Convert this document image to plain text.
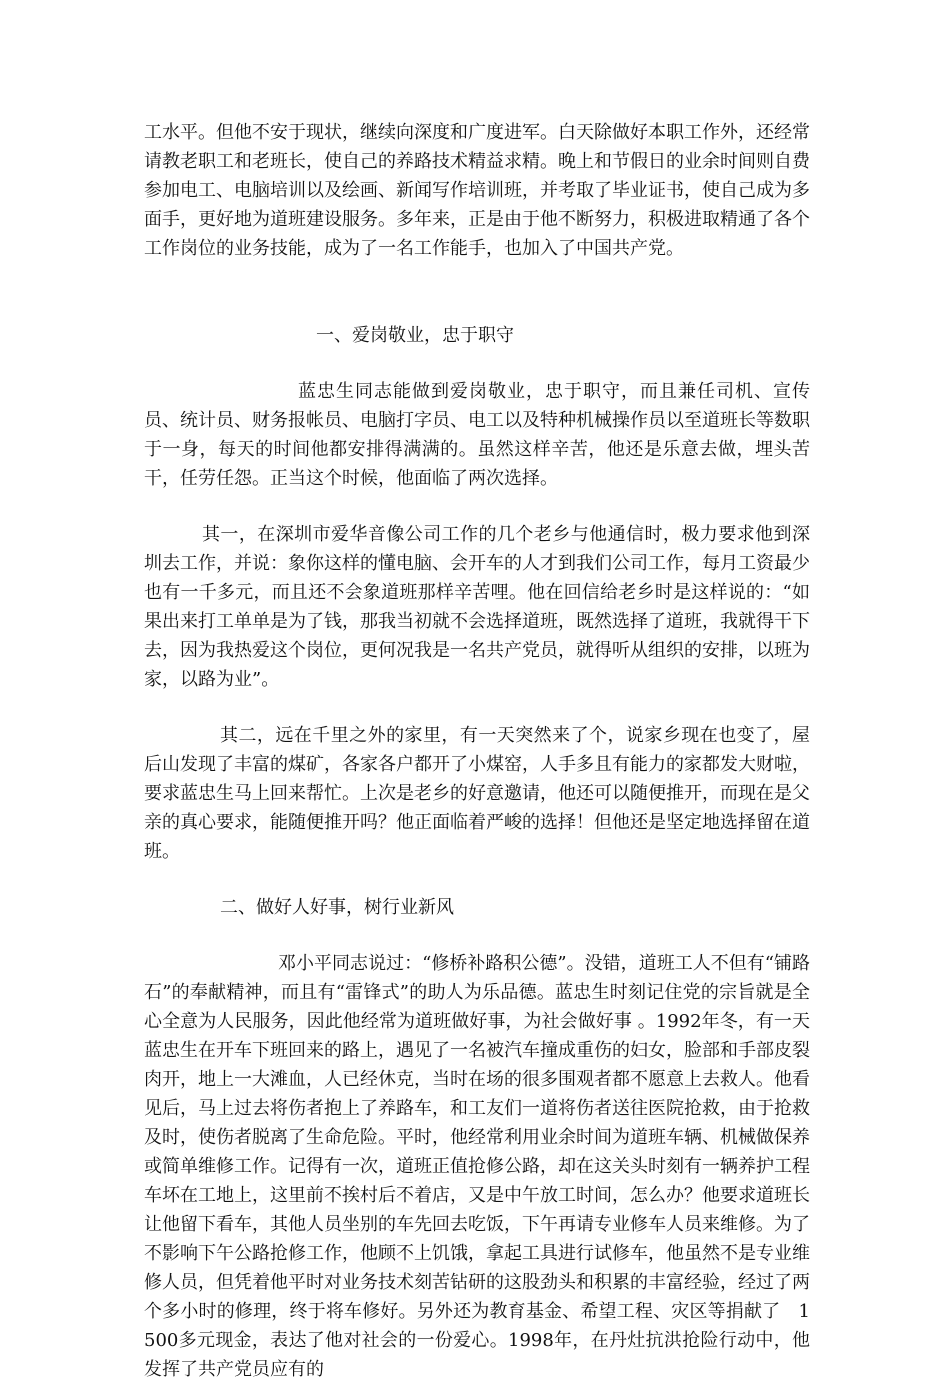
工水平。但他不安于现状，继续向深度和广度进军。白天除做好本职工作外，还经常请教老职工和老班长，使自己的养路技术精益求精。晚上和节假日的业余时间则自费参加电工、电脑培训以及绘画、新闻写作培训班，并考取了毕业证书，使自己成为多面手，更好地为道班建设服务。多年来，正是由于他不断努力，积极进取精通了各个工作岗位的业务技能，成为了一名工作能手，也加入了中国共产党。

一、爱岗敬业，忠于职守

蓝忠生同志能做到爱岗敬业，忠于职守，而且兼任司机、宣传员、统计员、财务报帐员、电脑打字员、电工以及特种机械操作员以至道班长等数职于一身，每天的时间他都安排得满满的。虽然这样辛苦，他还是乐意去做，埋头苦干，任劳任怨。正当这个时候，他面临了两次选择。

其一，在深圳市爱华音像公司工作的几个老乡与他通信时，极力要求他到深圳去工作，并说：象你这样的懂电脑、会开车的人才到我们公司工作，每月工资最少也有一千多元，而且还不会象道班那样辛苦哩。他在回信给老乡时是这样说的：“如果出来打工单单是为了钱，那我当初就不会选择道班，既然选择了道班，我就得干下去，因为我热爱这个岗位，更何况我是一名共产党员，就得听从组织的安排，以班为家，以路为业”。

其二，远在千里之外的家里，有一天突然来了个，说家乡现在也变了，屋后山发现了丰富的煤矿，各家各户都开了小煤窑，人手多且有能力的家都发大财啦，要求蓝忠生马上回来帮忙。上次是老乡的好意邀请，他还可以随便推开，而现在是父亲的真心要求，能随便推开吗？他正面临着严峻的选择！但他还是坚定地选择留在道班。

二、做好人好事，树行业新风

邓小平同志说过：“修桥补路积公德”。没错，道班工人不但有“铺路石”的奉献精神，而且有“雷锋式”的助人为乐品德。蓝忠生时刻记住党的宗旨就是全心全意为人民服务，因此他经常为道班做好事，为社会做好事 。1992年冬，有一天蓝忠生在开车下班回来的路上，遇见了一名被汽车撞成重伤的妇女，脸部和手部皮裂肉开，地上一大滩血，人已经休克，当时在场的很多围观者都不愿意上去救人。他看见后，马上过去将伤者抱上了养路车，和工友们一道将伤者送往医院抢救，由于抢救及时，使伤者脱离了生命危险。平时，他经常利用业余时间为道班车辆、机械做保养或简单维修工作。记得有一次，道班正值抢修公路，却在这关头时刻有一辆养护工程车坏在工地上，这里前不挨村后不着店，又是中午放工时间，怎么办？他要求道班长让他留下看车，其他人员坐别的车先回去吃饭，下午再请专业修车人员来维修。为了不影响下午公路抢修工作，他顾不上饥饿，拿起工具进行试修车，他虽然不是专业维修人员，但凭着他平时对业务技术刻苦钻研的这股劲头和积累的丰富经验，经过了两个多小时的修理，终于将车修好。另外还为教育基金、希望工程、灾区等捐献了　1500多元现金，表达了他对社会的一份爱心。1998年，在丹灶抗洪抢险行动中，他发挥了共产党员应有的
